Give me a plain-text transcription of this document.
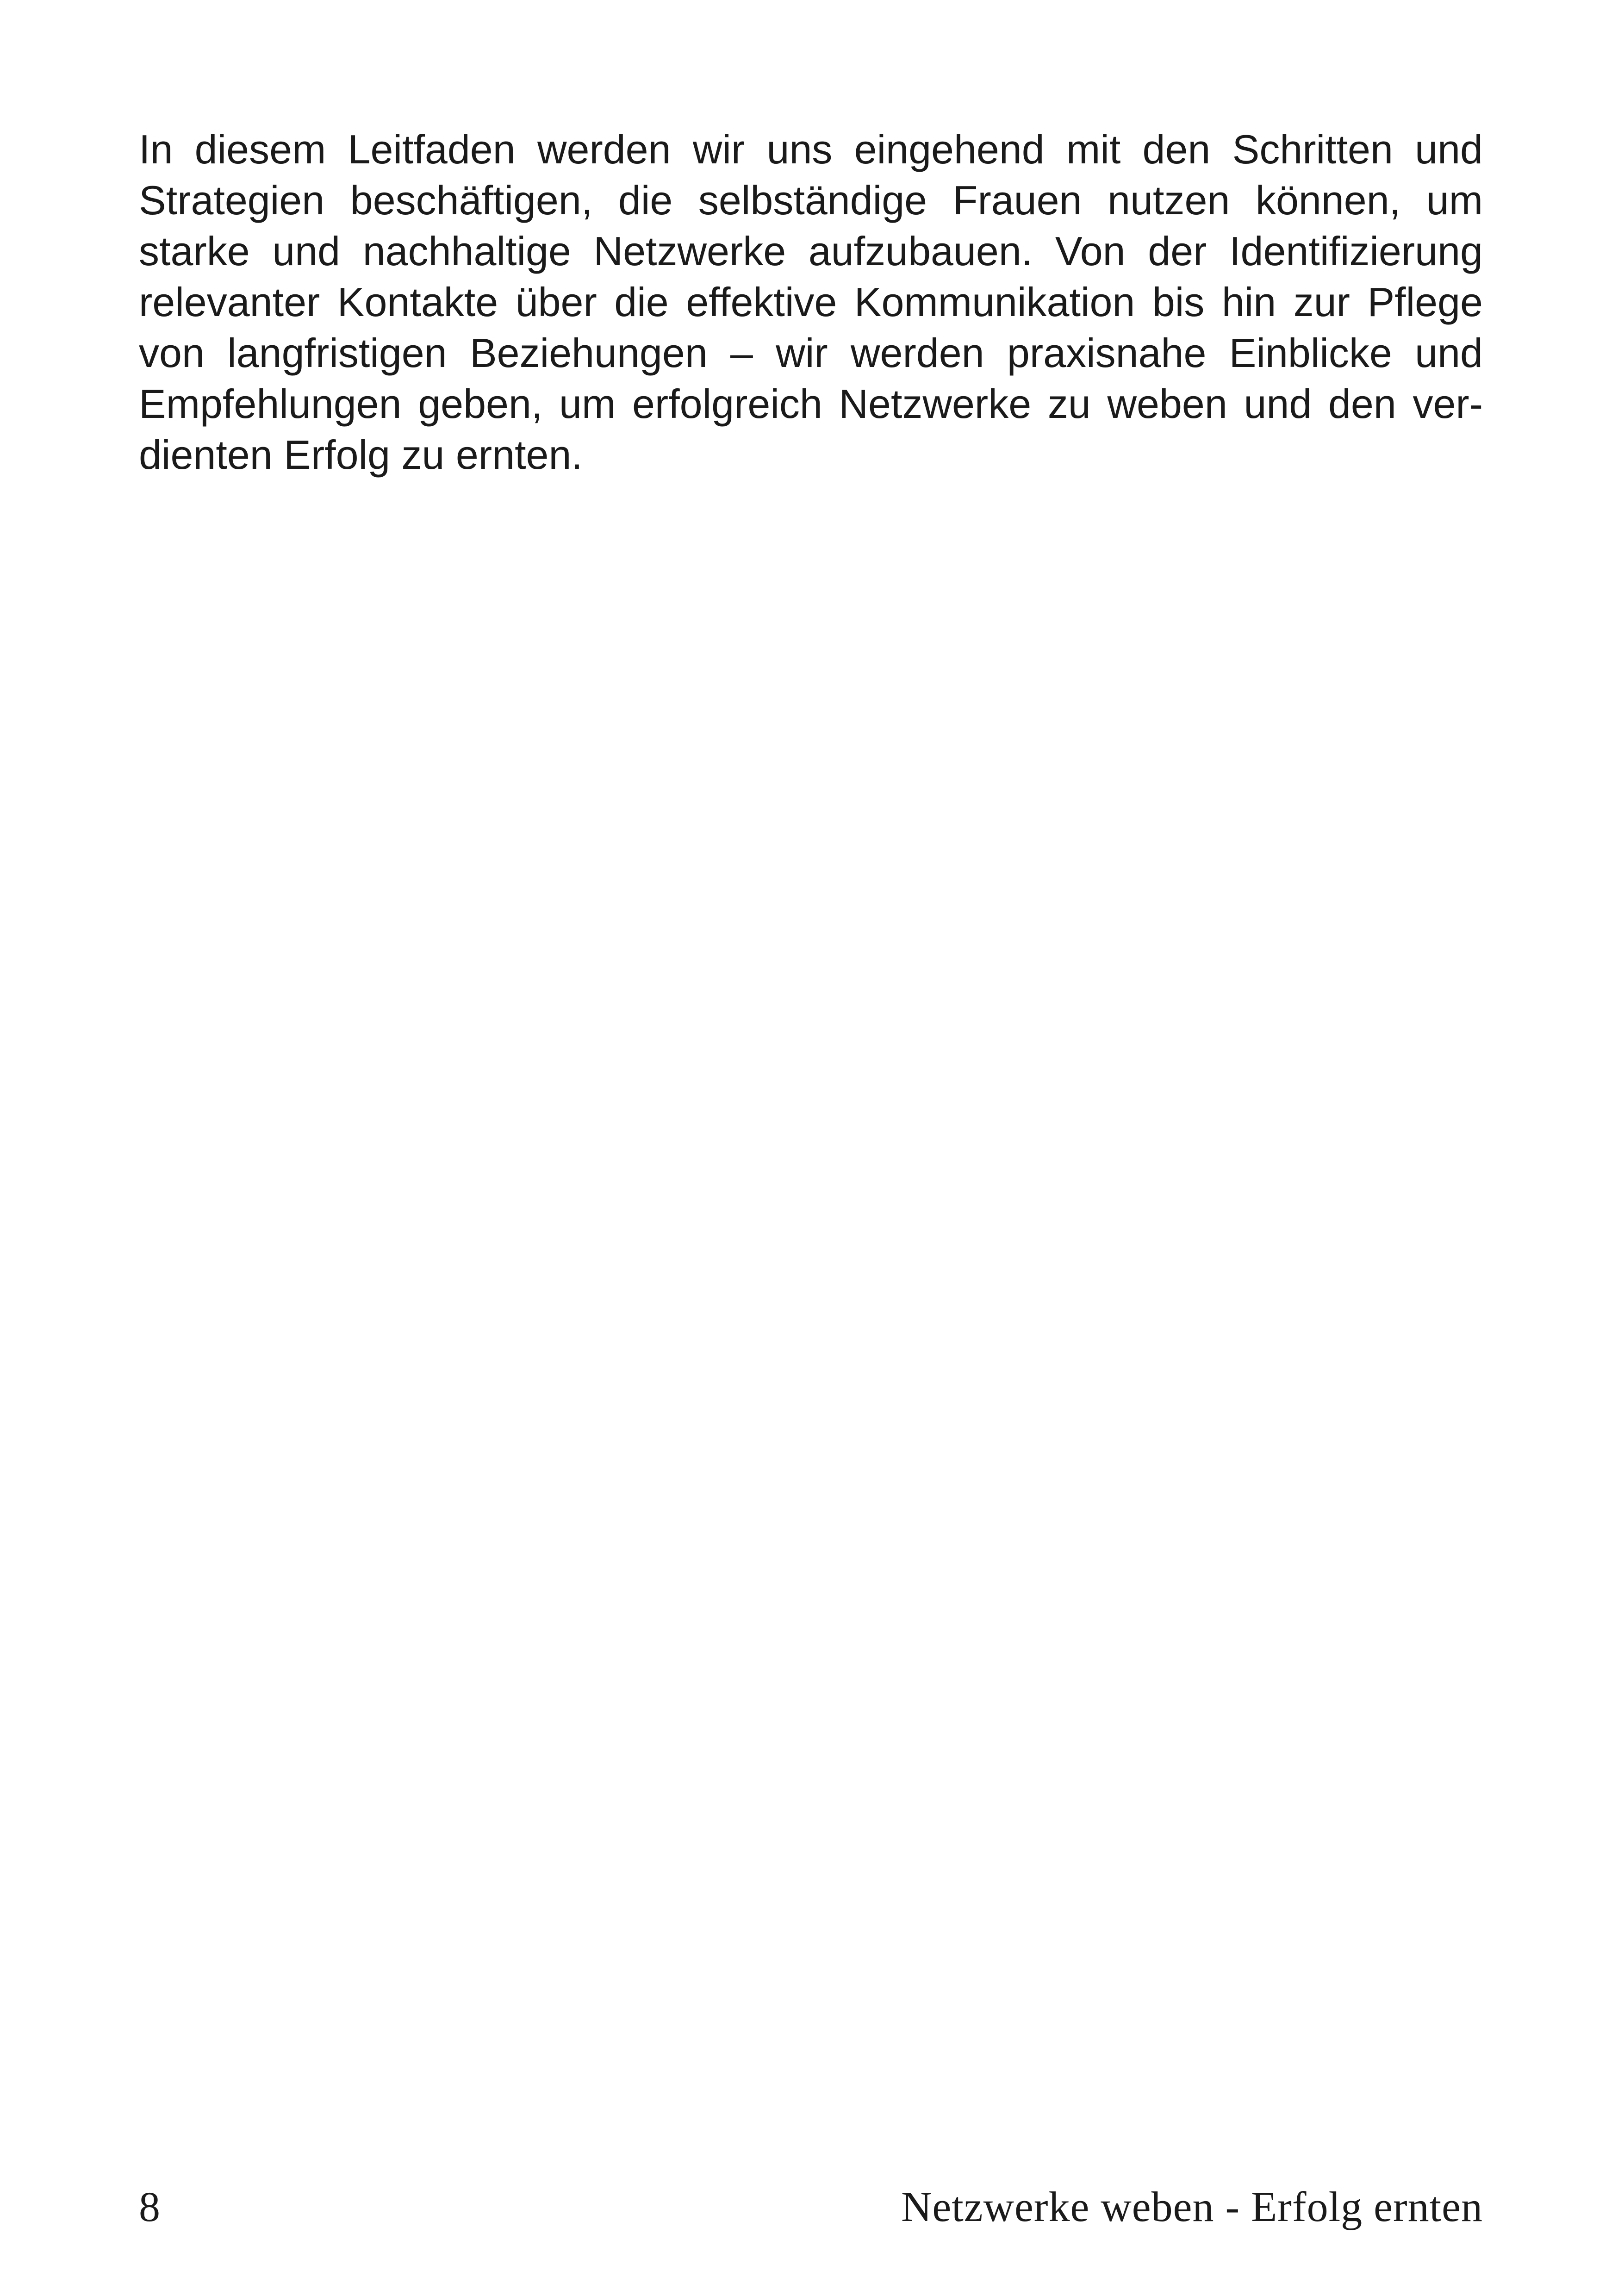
In diesem Leitfaden werden wir uns eingehend mit den Schritten und
Strategien beschäftigen, die selbständige Frauen nutzen können, um
starke und nachhaltige Netzwerke aufzubauen. Von der Identifizierung
relevanter Kontakte über die effektive Kommunikation bis hin zur Pflege
von langfristigen Beziehungen – wir werden praxisnahe Einblicke und
Empfehlungen geben, um erfolgreich Netzwerke zu weben und den ver-
dienten Erfolg zu ernten.
8	Netzwerke weben - Erfolg ernten
